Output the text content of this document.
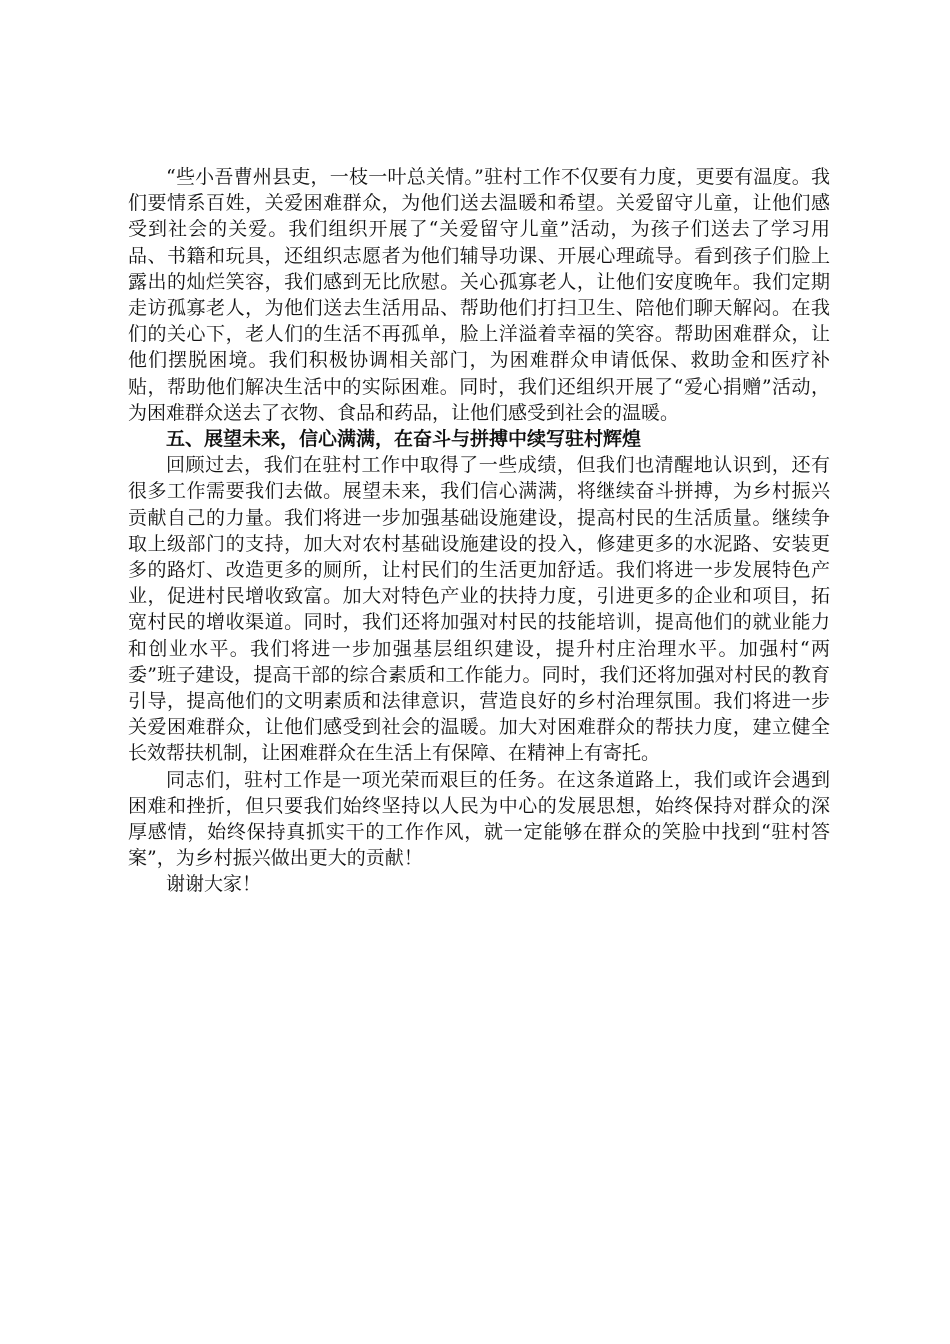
“些小吾曹州县吏，一枝一叶总关情。”驻村工作不仅要有力度，更要有温度。我们要情系百姓，关爱困难群众，为他们送去温暖和希望。关爱留守儿童，让他们感受到社会的关爱。我们组织开展了“关爱留守儿童”活动，为孩子们送去了学习用品、书籍和玩具，还组织志愿者为他们辅导功课、开展心理疏导。看到孩子们脸上露出的灿烂笑容，我们感到无比欣慰。关心孤寡老人，让他们安度晚年。我们定期走访孤寡老人，为他们送去生活用品、帮助他们打扫卫生、陪他们聊天解闷。在我们的关心下，老人们的生活不再孤单，脸上洋溢着幸福的笑容。帮助困难群众，让他们摆脱困境。我们积极协调相关部门，为困难群众申请低保、救助金和医疗补贴，帮助他们解决生活中的实际困难。同时，我们还组织开展了“爱心捐赠”活动，为困难群众送去了衣物、食品和药品，让他们感受到社会的温暖。

五、展望未来，信心满满，在奋斗与拼搏中续写驻村辉煌

回顾过去，我们在驻村工作中取得了一些成绩，但我们也清醒地认识到，还有很多工作需要我们去做。展望未来，我们信心满满，将继续奋斗拼搏，为乡村振兴贡献自己的力量。我们将进一步加强基础设施建设，提高村民的生活质量。继续争取上级部门的支持，加大对农村基础设施建设的投入，修建更多的水泥路、安装更多的路灯、改造更多的厕所，让村民们的生活更加舒适。我们将进一步发展特色产业，促进村民增收致富。加大对特色产业的扶持力度，引进更多的企业和项目，拓宽村民的增收渠道。同时，我们还将加强对村民的技能培训，提高他们的就业能力和创业水平。我们将进一步加强基层组织建设，提升村庄治理水平。加强村“两委”班子建设，提高干部的综合素质和工作能力。同时，我们还将加强对村民的教育引导，提高他们的文明素质和法律意识，营造良好的乡村治理氛围。我们将进一步关爱困难群众，让他们感受到社会的温暖。加大对困难群众的帮扶力度，建立健全长效帮扶机制，让困难群众在生活上有保障、在精神上有寄托。

同志们，驻村工作是一项光荣而艰巨的任务。在这条道路上，我们或许会遇到困难和挫折，但只要我们始终坚持以人民为中心的发展思想，始终保持对群众的深厚感情，始终保持真抓实干的工作作风，就一定能够在群众的笑脸中找到“驻村答案”，为乡村振兴做出更大的贡献！

谢谢大家！
